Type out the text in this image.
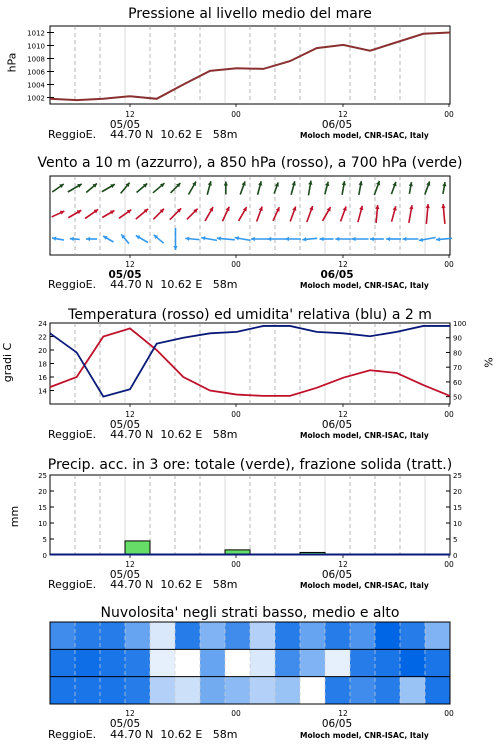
Pressione al livello medio del mare
hPa
12	00	12	00
05/05	06/05
1002
1004
1006
1008
1010
1012
ReggioE. 44.70 N  10.62 E 58m	Moloch model, CNR-ISAC, Italy
Vento a 10 m (azzurro), a 850 hPa (rosso), a 700 hPa (verde)
12	00	12	00
05/05	06/05
ReggioE. 44.70 N  10.62 E 58m	Moloch model, CNR-ISAC, Italy
Temperatura (rosso) ed umidita' relativa (blu) a 2 m
gradi C	%
12	00	12	00
05/05	06/05
14
16
18
20
22
24
50
60
70
80
90
100
ReggioE. 44.70 N  10.62 E 58m	Moloch model, CNR-ISAC, Italy
Precip. acc. in 3 ore: totale (verde), frazione solida (tratt.)
mm
12	00	12	00
05/05	06/05
0	0
5	5
10	10
15	15
20	20
25	25
ReggioE. 44.70 N  10.62 E 58m	Moloch model, CNR-ISAC, Italy
Nuvolosita' negli strati basso, medio e alto
12	00	12	00
05/05	06/05
ReggioE. 44.70 N  10.62 E 58m	Moloch model, CNR-ISAC, Italy
